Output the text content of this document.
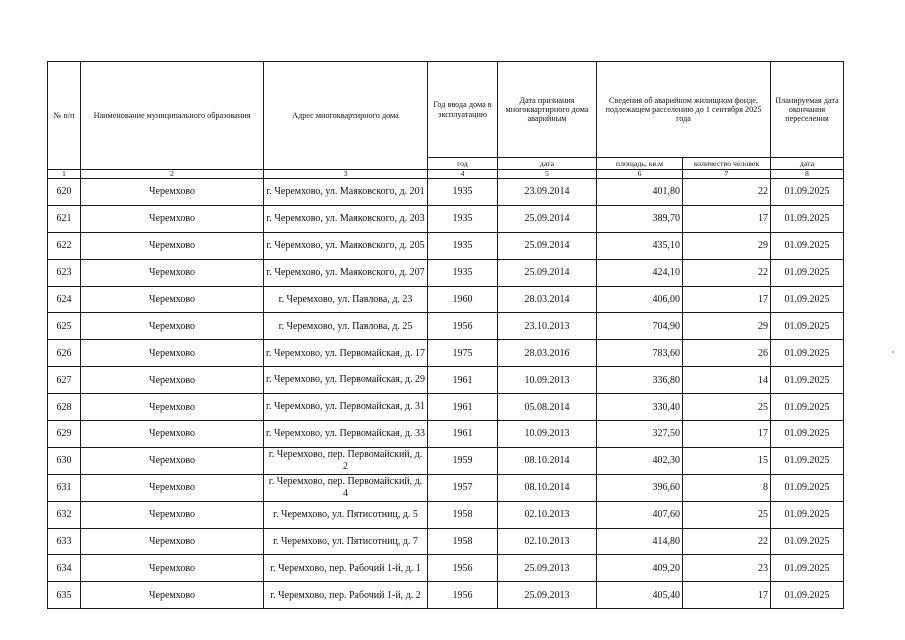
№ п/п	Наименование муниципального образования	Адрес многоквартирного дома	Год ввода дома в эксплуатацию	Дата признания многоквартирного дома аварийным	Сведения об аварийном жилищном фонде, подлежащем расселению до 1 сентября 2025 года		Планируемая дата окончания переселения
			год	дата	площадь, кв.м	количество человек	дата
1	2	3	4	5	6	7	8
620	Черемхово	г. Черемхово, ул. Маяковского, д. 201	1935	23.09.2014	401,80	22	01.09.2025
621	Черемхово	г. Черемхово, ул. Маяковского, д. 203	1935	25.09.2014	389,70	17	01.09.2025
622	Черемхово	г. Черемхово, ул. Маяковского, д. 205	1935	25.09.2014	435,10	29	01.09.2025
623	Черемхово	г. Черемхово, ул. Маяковского, д. 207	1935	25.09.2014	424,10	22	01.09.2025
624	Черемхово	г. Черемхово, ул. Павлова, д. 23	1960	28.03.2014	406,00	17	01.09.2025
625	Черемхово	г. Черемхово, ул. Павлова, д. 25	1956	23.10.2013	704,90	29	01.09.2025
626	Черемхово	г. Черемхово, ул. Первомайская, д. 17	1975	28.03.2016	783,60	26	01.09.2025
627	Черемхово	г. Черемхово, ул. Первомайская, д. 29	1961	10.09.2013	336,80	14	01.09.2025
628	Черемхово	г. Черемхово, ул. Первомайская, д. 31	1961	05.08.2014	330,40	25	01.09.2025
629	Черемхово	г. Черемхово, ул. Первомайская, д. 33	1961	10.09.2013	327,50	17	01.09.2025
630	Черемхово	г. Черемхово, пер. Первомайский, д. 2	1959	08.10.2014	402,30	15	01.09.2025
631	Черемхово	г. Черемхово, пер. Первомайский, д. 4	1957	08.10.2014	396,60	8	01.09.2025
632	Черемхово	г. Черемхово, ул. Пятисотниц, д. 5	1958	02.10.2013	407,60	25	01.09.2025
633	Черемхово	г. Черемхово, ул. Пятисотниц, д. 7	1958	02.10.2013	414,80	22	01.09.2025
634	Черемхово	г. Черемхово, пер. Рабочий 1-й, д. 1	1956	25.09.2013	409,20	23	01.09.2025
635	Черемхово	г. Черемхово, пер. Рабочий 1-й, д. 2	1956	25.09.2013	405,40	17	01.09.2025
